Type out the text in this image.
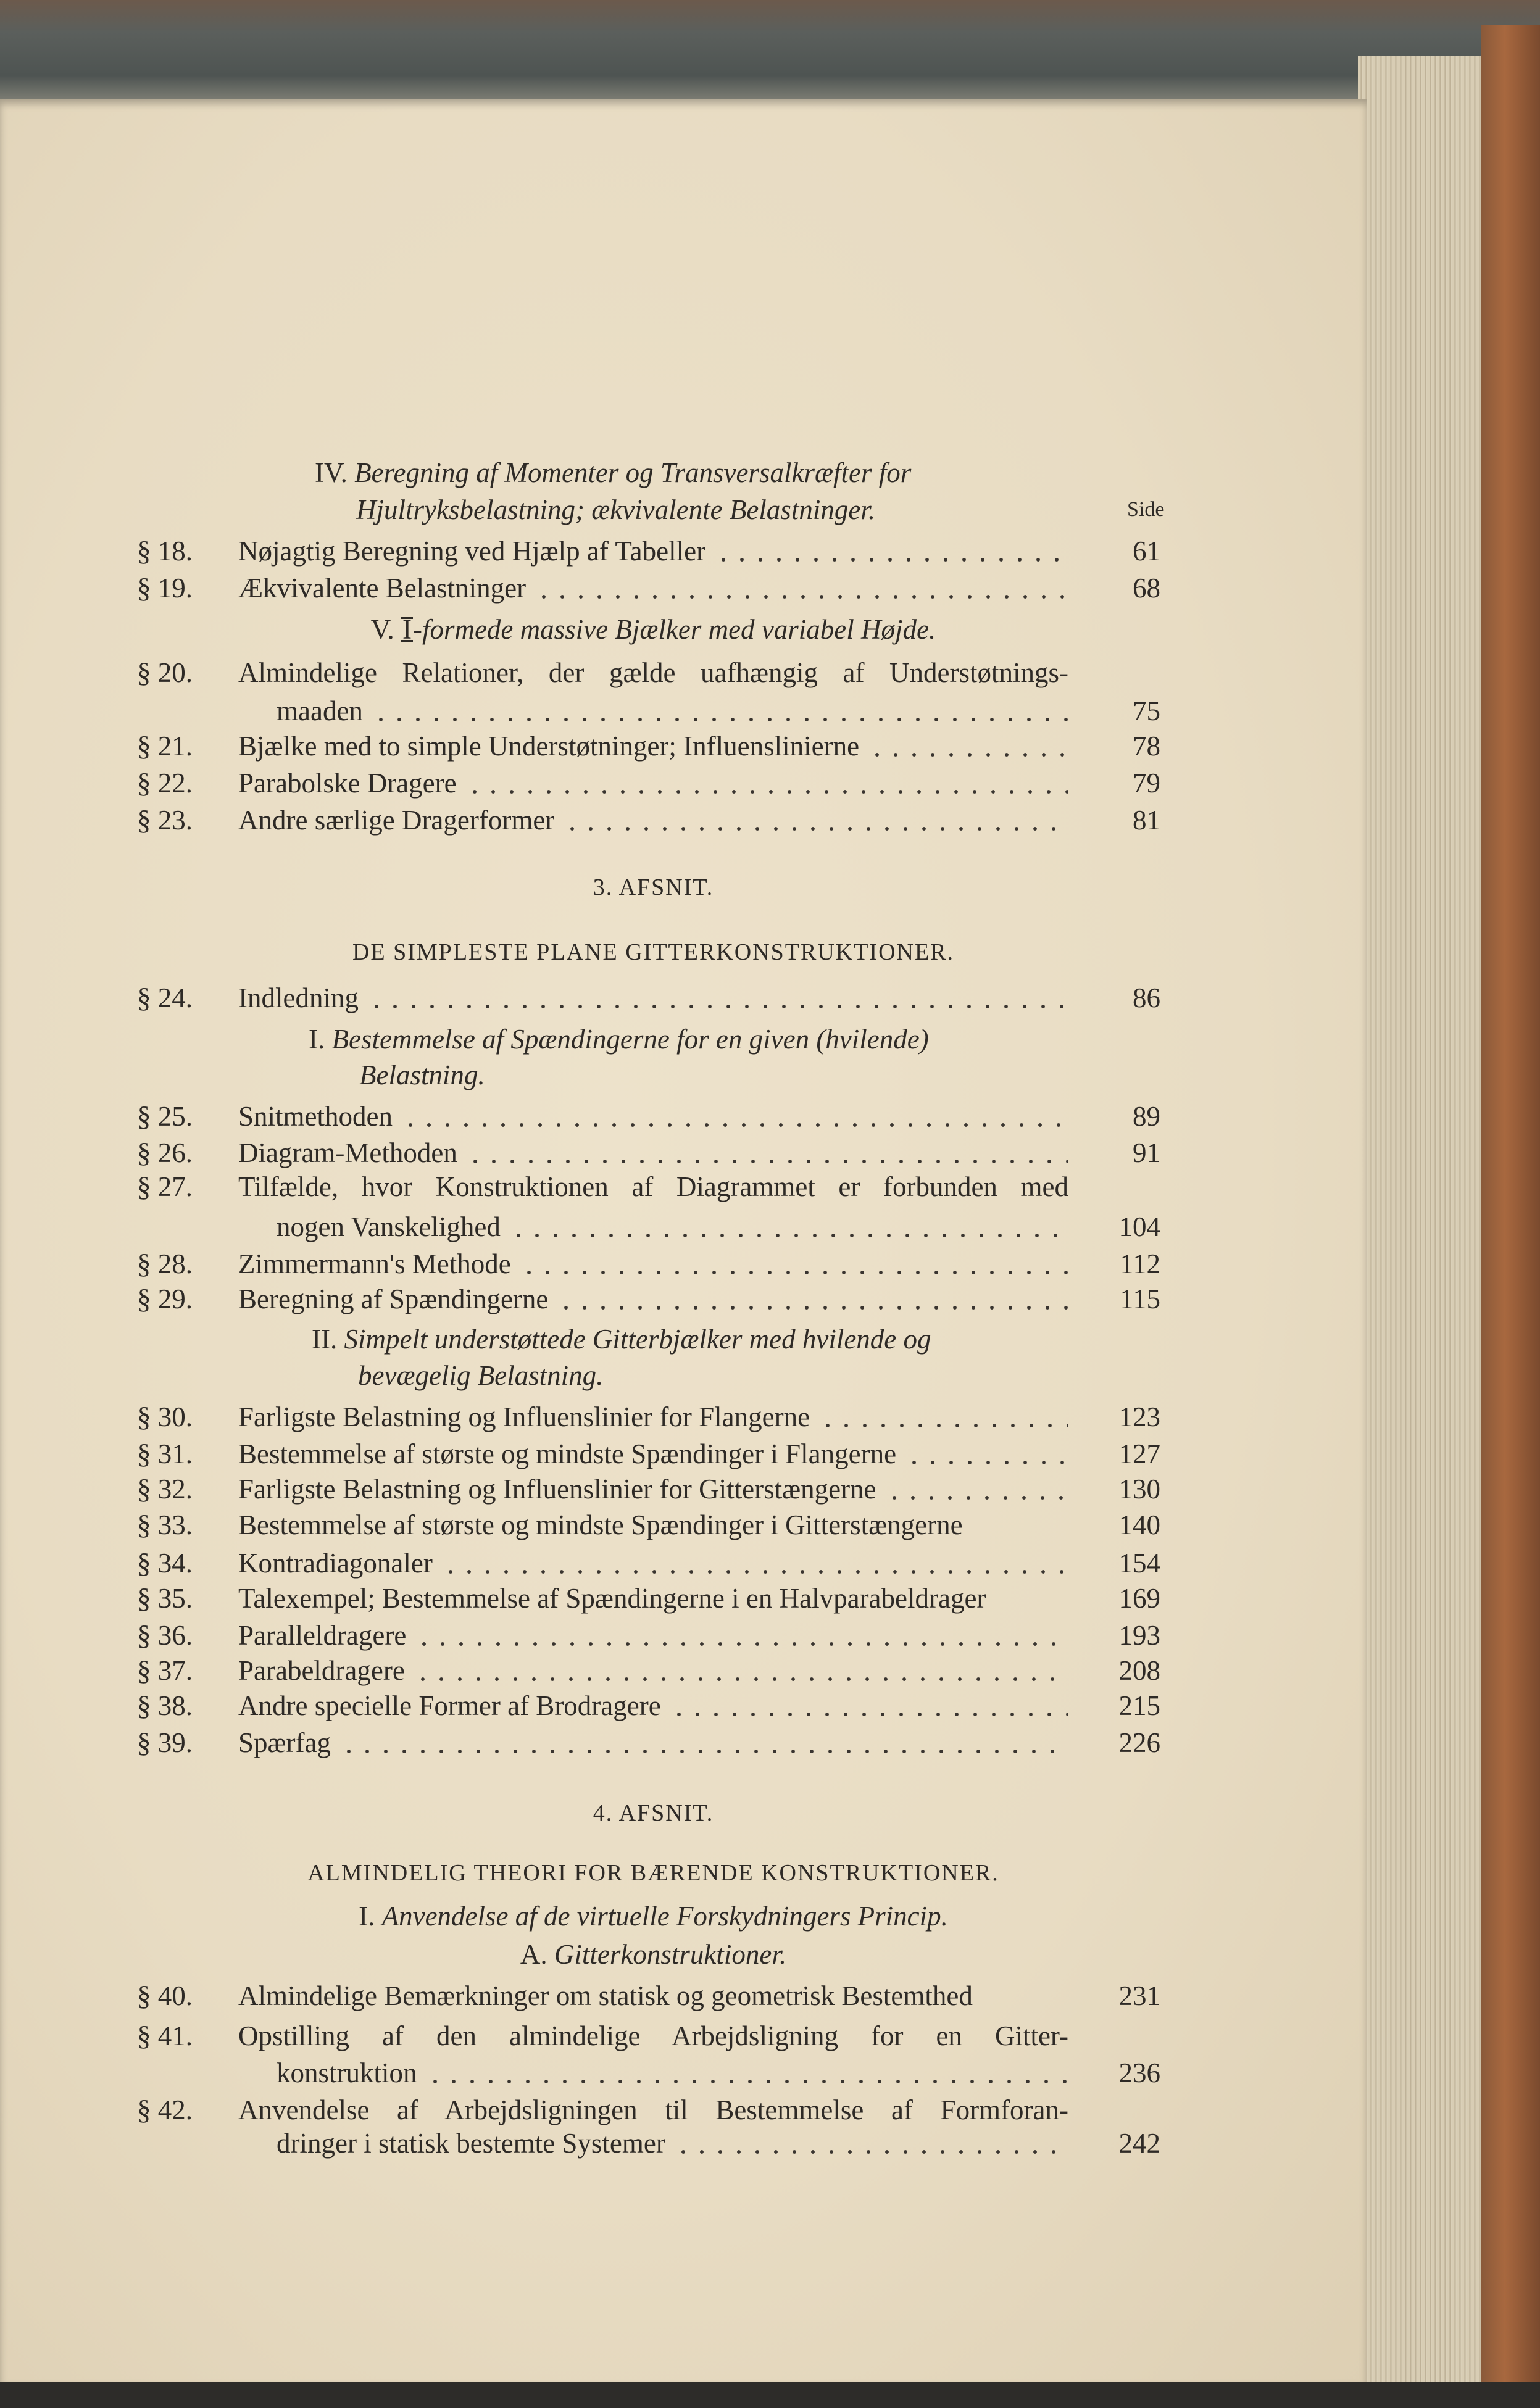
IV. Beregning af Momenter og Transversalkræfter for
Hjultryksbelastning; ækvivalente Belastninger.	Side
§ 18. Nøjagtig Beregning ved Hjælp af Tabeller	61
§ 19. Ækvivalente Belastninger	68
V. I-formede massive Bjælker med variabel Højde.
§ 20. Almindelige Relationer, der gælde uafhængig af Understøtnings-
maaden	75
§ 21. Bjælke med to simple Understøtninger; Influenslinierne	78
§ 22. Parabolske Dragere	79
§ 23. Andre særlige Dragerformer	81
3. AFSNIT.
DE SIMPLESTE PLANE GITTERKONSTRUKTIONER.
§ 24. Indledning	86
I. Bestemmelse af Spændingerne for en given (hvilende)
Belastning.
§ 25. Snitmethoden	89
§ 26. Diagram-Methoden	91
§ 27. Tilfælde, hvor Konstruktionen af Diagrammet er forbunden med
nogen Vanskelighed	104
§ 28. Zimmermann's Methode	112
§ 29. Beregning af Spændingerne	115
II. Simpelt understøttede Gitterbjælker med hvilende og
bevægelig Belastning.
§ 30. Farligste Belastning og Influenslinier for Flangerne	123
§ 31. Bestemmelse af største og mindste Spændinger i Flangerne	127
§ 32. Farligste Belastning og Influenslinier for Gitterstængerne	130
§ 33. Bestemmelse af største og mindste Spændinger i Gitterstængerne	140
§ 34. Kontradiagonaler	154
§ 35. Talexempel; Bestemmelse af Spændingerne i en Halvparabeldrager	169
§ 36. Paralleldragere	193
§ 37. Parabeldragere	208
§ 38. Andre specielle Former af Brodragere	215
§ 39. Spærfag	226
4. AFSNIT.
ALMINDELIG THEORI FOR BÆRENDE KONSTRUKTIONER.
I. Anvendelse af de virtuelle Forskydningers Princip.
A. Gitterkonstruktioner.
§ 40. Almindelige Bemærkninger om statisk og geometrisk Bestemthed	231
§ 41. Opstilling af den almindelige Arbejdsligning for en Gitter-
konstruktion	236
§ 42. Anvendelse af Arbejdsligningen til Bestemmelse af Formforan-
dringer i statisk bestemte Systemer	242
